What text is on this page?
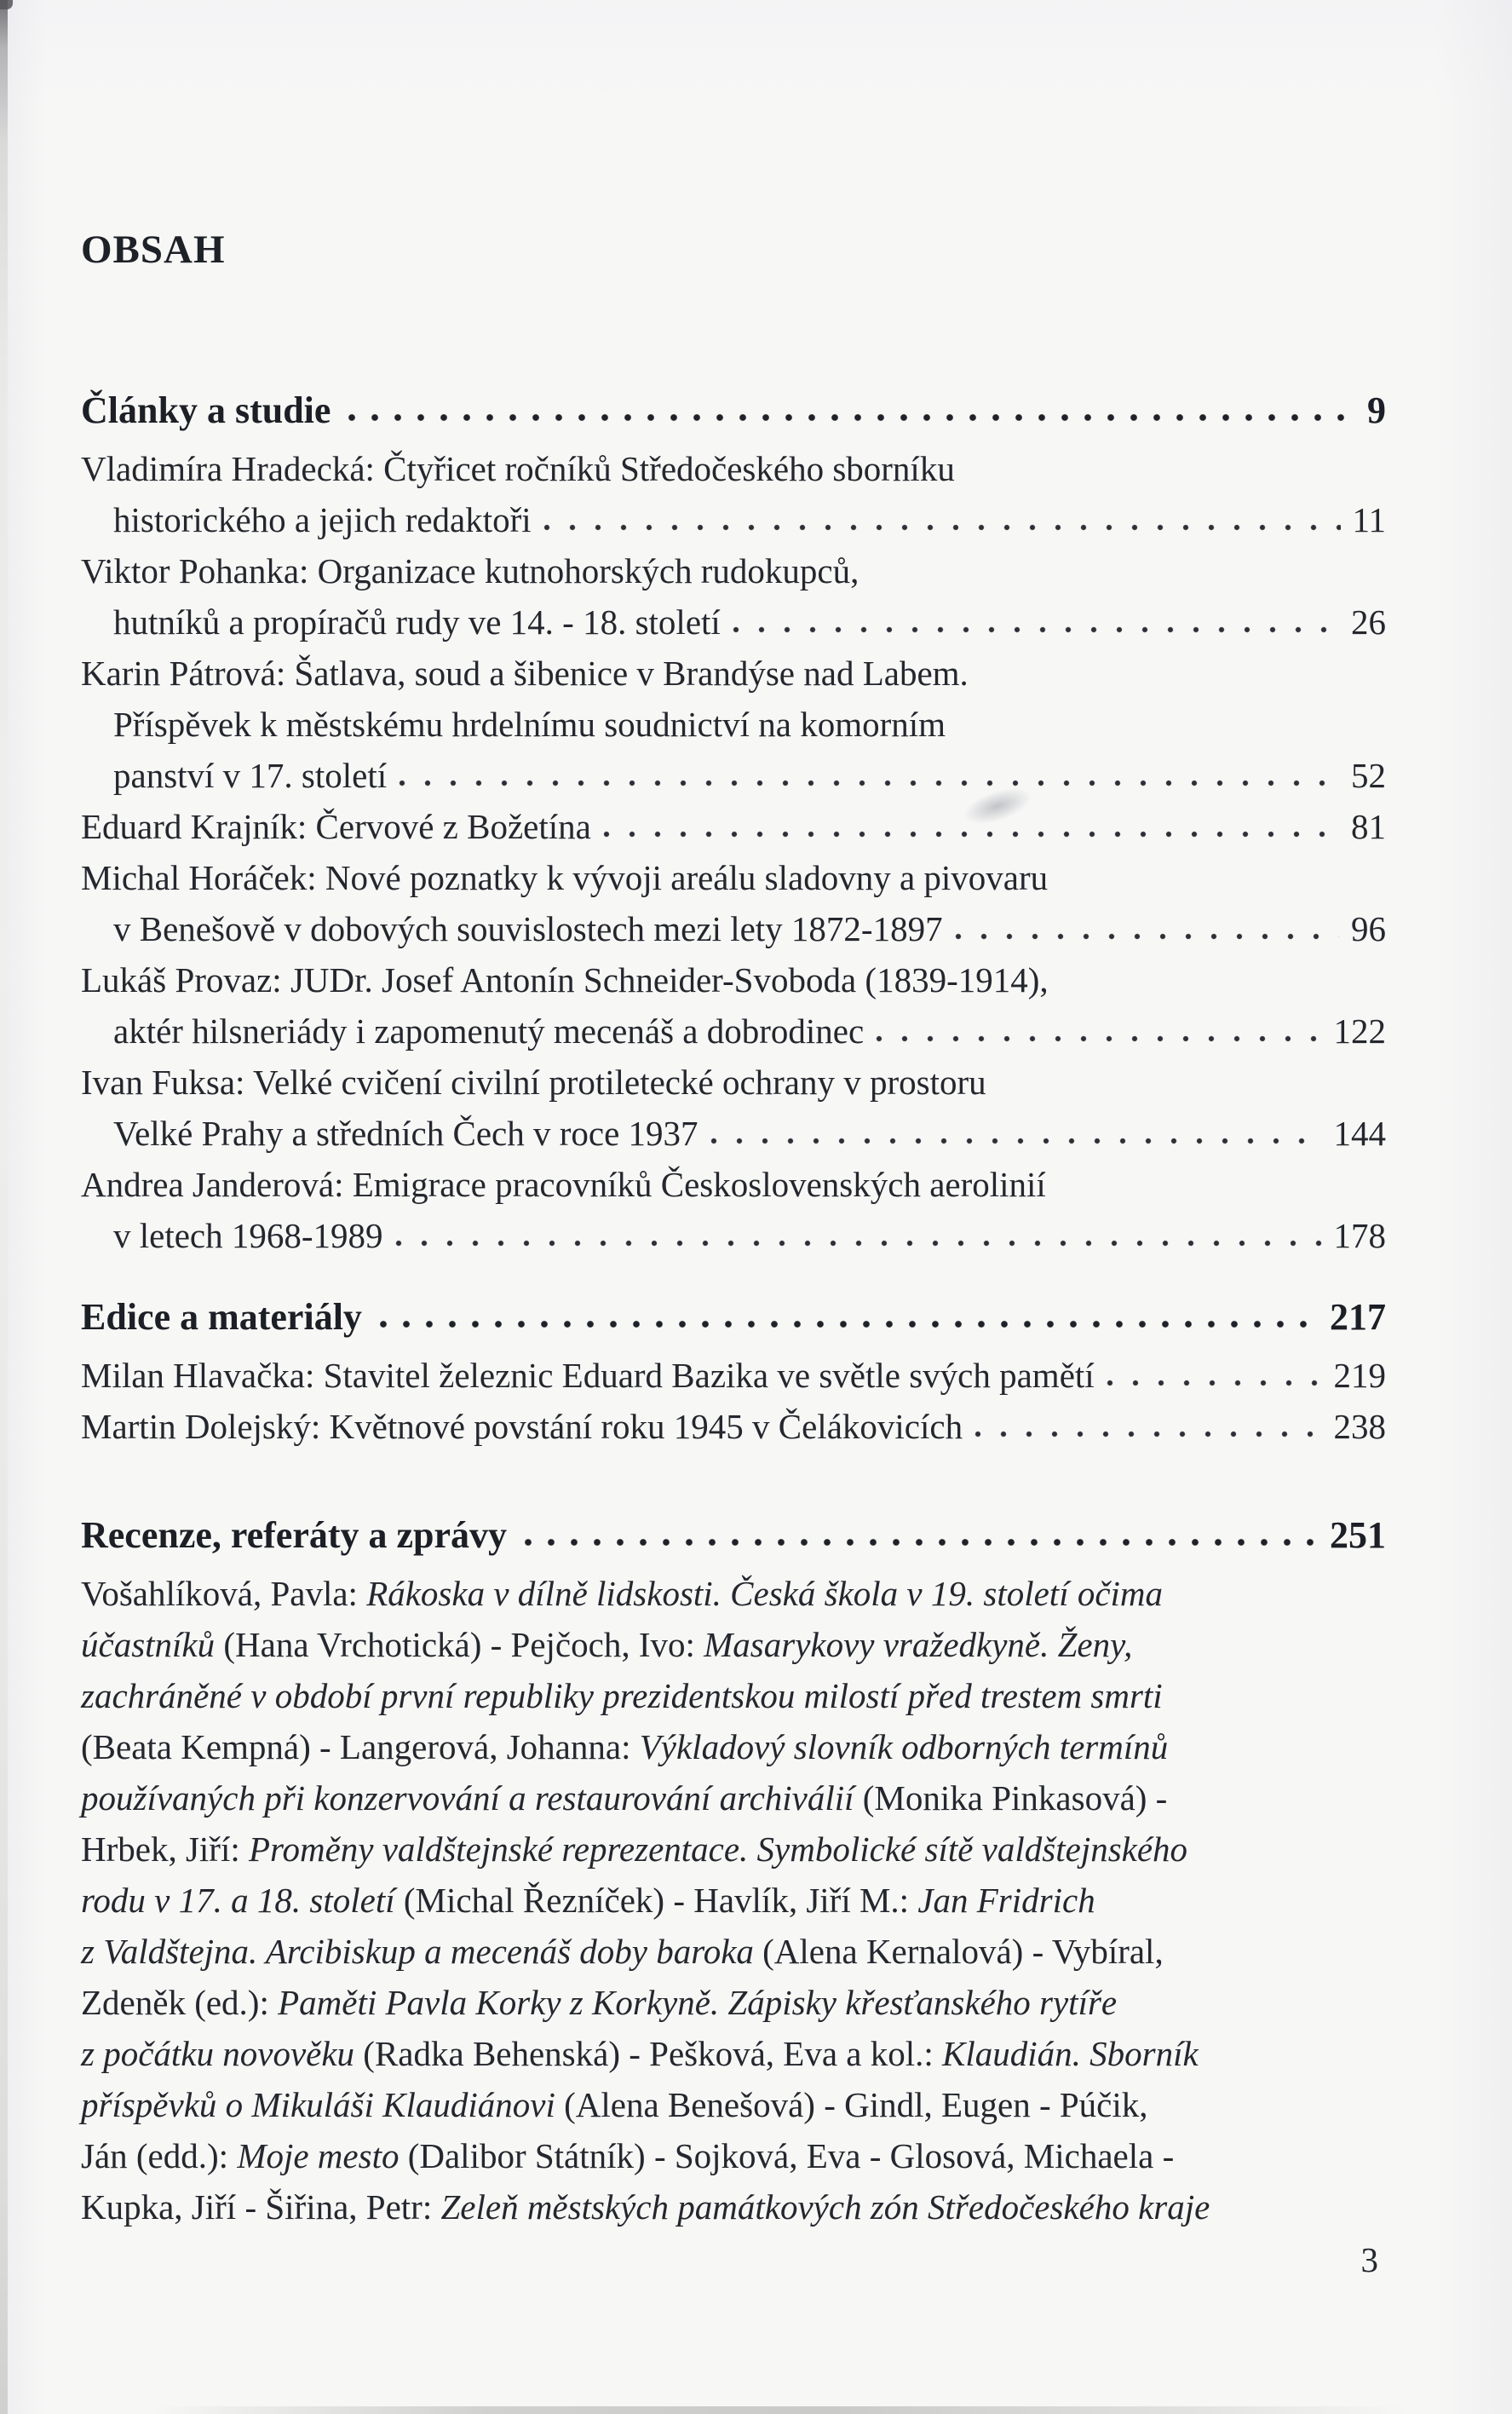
OBSAH
Články a studie	9
Vladimíra Hradecká: Čtyřicet ročníků Středočeského sborníku
historického a jejich redaktoři	11
Viktor Pohanka: Organizace kutnohorských rudokupců,
hutníků a propíračů rudy ve 14. - 18. století	26
Karin Pátrová: Šatlava, soud a šibenice v Brandýse nad Labem.
Příspěvek k městskému hrdelnímu soudnictví na komorním
panství v 17. století	52
Eduard Krajník: Červové z Božetína	81
Michal Horáček: Nové poznatky k vývoji areálu sladovny a pivovaru
v Benešově v dobových souvislostech mezi lety 1872-1897	96
Lukáš Provaz: JUDr. Josef Antonín Schneider-Svoboda (1839-1914),
aktér hilsneriády i zapomenutý mecenáš a dobrodinec	122
Ivan Fuksa: Velké cvičení civilní protiletecké ochrany v prostoru
Velké Prahy a středních Čech v roce 1937	144
Andrea Janderová: Emigrace pracovníků Československých aerolinií
v letech 1968-1989	178
Edice a materiály	217
Milan Hlavačka: Stavitel železnic Eduard Bazika ve světle svých pamětí	219
Martin Dolejský: Květnové povstání roku 1945 v Čelákovicích	238
Recenze, referáty a zprávy	251
Vošahlíková, Pavla: Rákoska v dílně lidskosti. Česká škola v 19. století očima
účastníků (Hana Vrchotická) - Pejčoch, Ivo: Masarykovy vražedkyně. Ženy,
zachráněné v období první republiky prezidentskou milostí před trestem smrti
(Beata Kempná) - Langerová, Johanna: Výkladový slovník odborných termínů
používaných při konzervování a restaurování archiválií (Monika Pinkasová) -
Hrbek, Jiří: Proměny valdštejnské reprezentace. Symbolické sítě valdštejnského
rodu v 17. a 18. století (Michal Řezníček) - Havlík, Jiří M.: Jan Fridrich
z Valdštejna. Arcibiskup a mecenáš doby baroka (Alena Kernalová) - Vybíral,
Zdeněk (ed.): Paměti Pavla Korky z Korkyně. Zápisky křesťanského rytíře
z počátku novověku (Radka Behenská) - Pešková, Eva a kol.: Klaudián. Sborník
příspěvků o Mikuláši Klaudiánovi (Alena Benešová) - Gindl, Eugen - Púčik,
Ján (edd.): Moje mesto (Dalibor Státník) - Sojková, Eva - Glosová, Michaela -
Kupka, Jiří - Šiřina, Petr: Zeleň městských památkových zón Středočeského kraje
3
